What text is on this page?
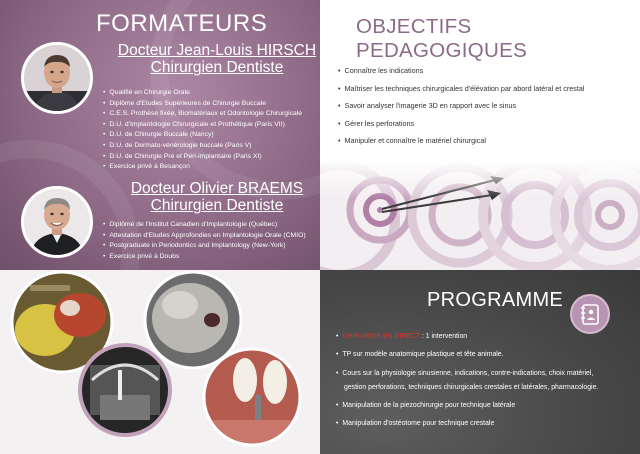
FORMATEURS
Docteur Jean-Louis HIRSCH
Chirurgien Dentiste
• Qualifié en Chirurgie Orale
• Diplôme d'Etudes Supérieures de Chirurgie Buccale
• C.E.S. Prothèse fixée, Biomatériaux et Odontologie Chirurgicale
• D.U. d'Implantologie Chirurgicale et Prothétique (Paris VII)
• D.U. de Chirurgie Buccale (Nancy)
• D.U. de Dermato-vénérologie buccale (Paris V)
• D.U. de Chirurgie Pré et Péri-implantaire (Paris XI)
• Exercice privé à Besançon
Docteur Olivier BRAEMS
Chirurgien Dentiste
• Diplômé de l'Institut Canadien d'Implantologie (Québec)
• Attestation d'Etudes Approfondies en Implantologie Orale (CMIO)
• Postgraduate in Periodontics and Implantology (New-York)
• Exercice privé à Doubs
OBJECTIFS PEDAGOGIQUES
• Connaître les indications
• Maîtriser les techniques chirurgicales d'élévation par abord latéral et crestal
• Savoir analyser l'imagerie 3D en rapport avec le sinus
• Gérer les perforations
• Manipuler et connaître le matériel chirurgical
PROGRAMME
• CHIRURGIE EN DIRECT : 1 intervention
• TP sur modèle anatomique plastique et tête animale.
• Cours sur la physiologie sinusienne, indications, contre-indications, choix matériel,
gestion perforations, techniques chirurgicales crestales et latérales, pharmacologie.
• Manipulation de la piezochirurgie pour technique latérale
• Manipulation d'ostéotome pour technique crestale
